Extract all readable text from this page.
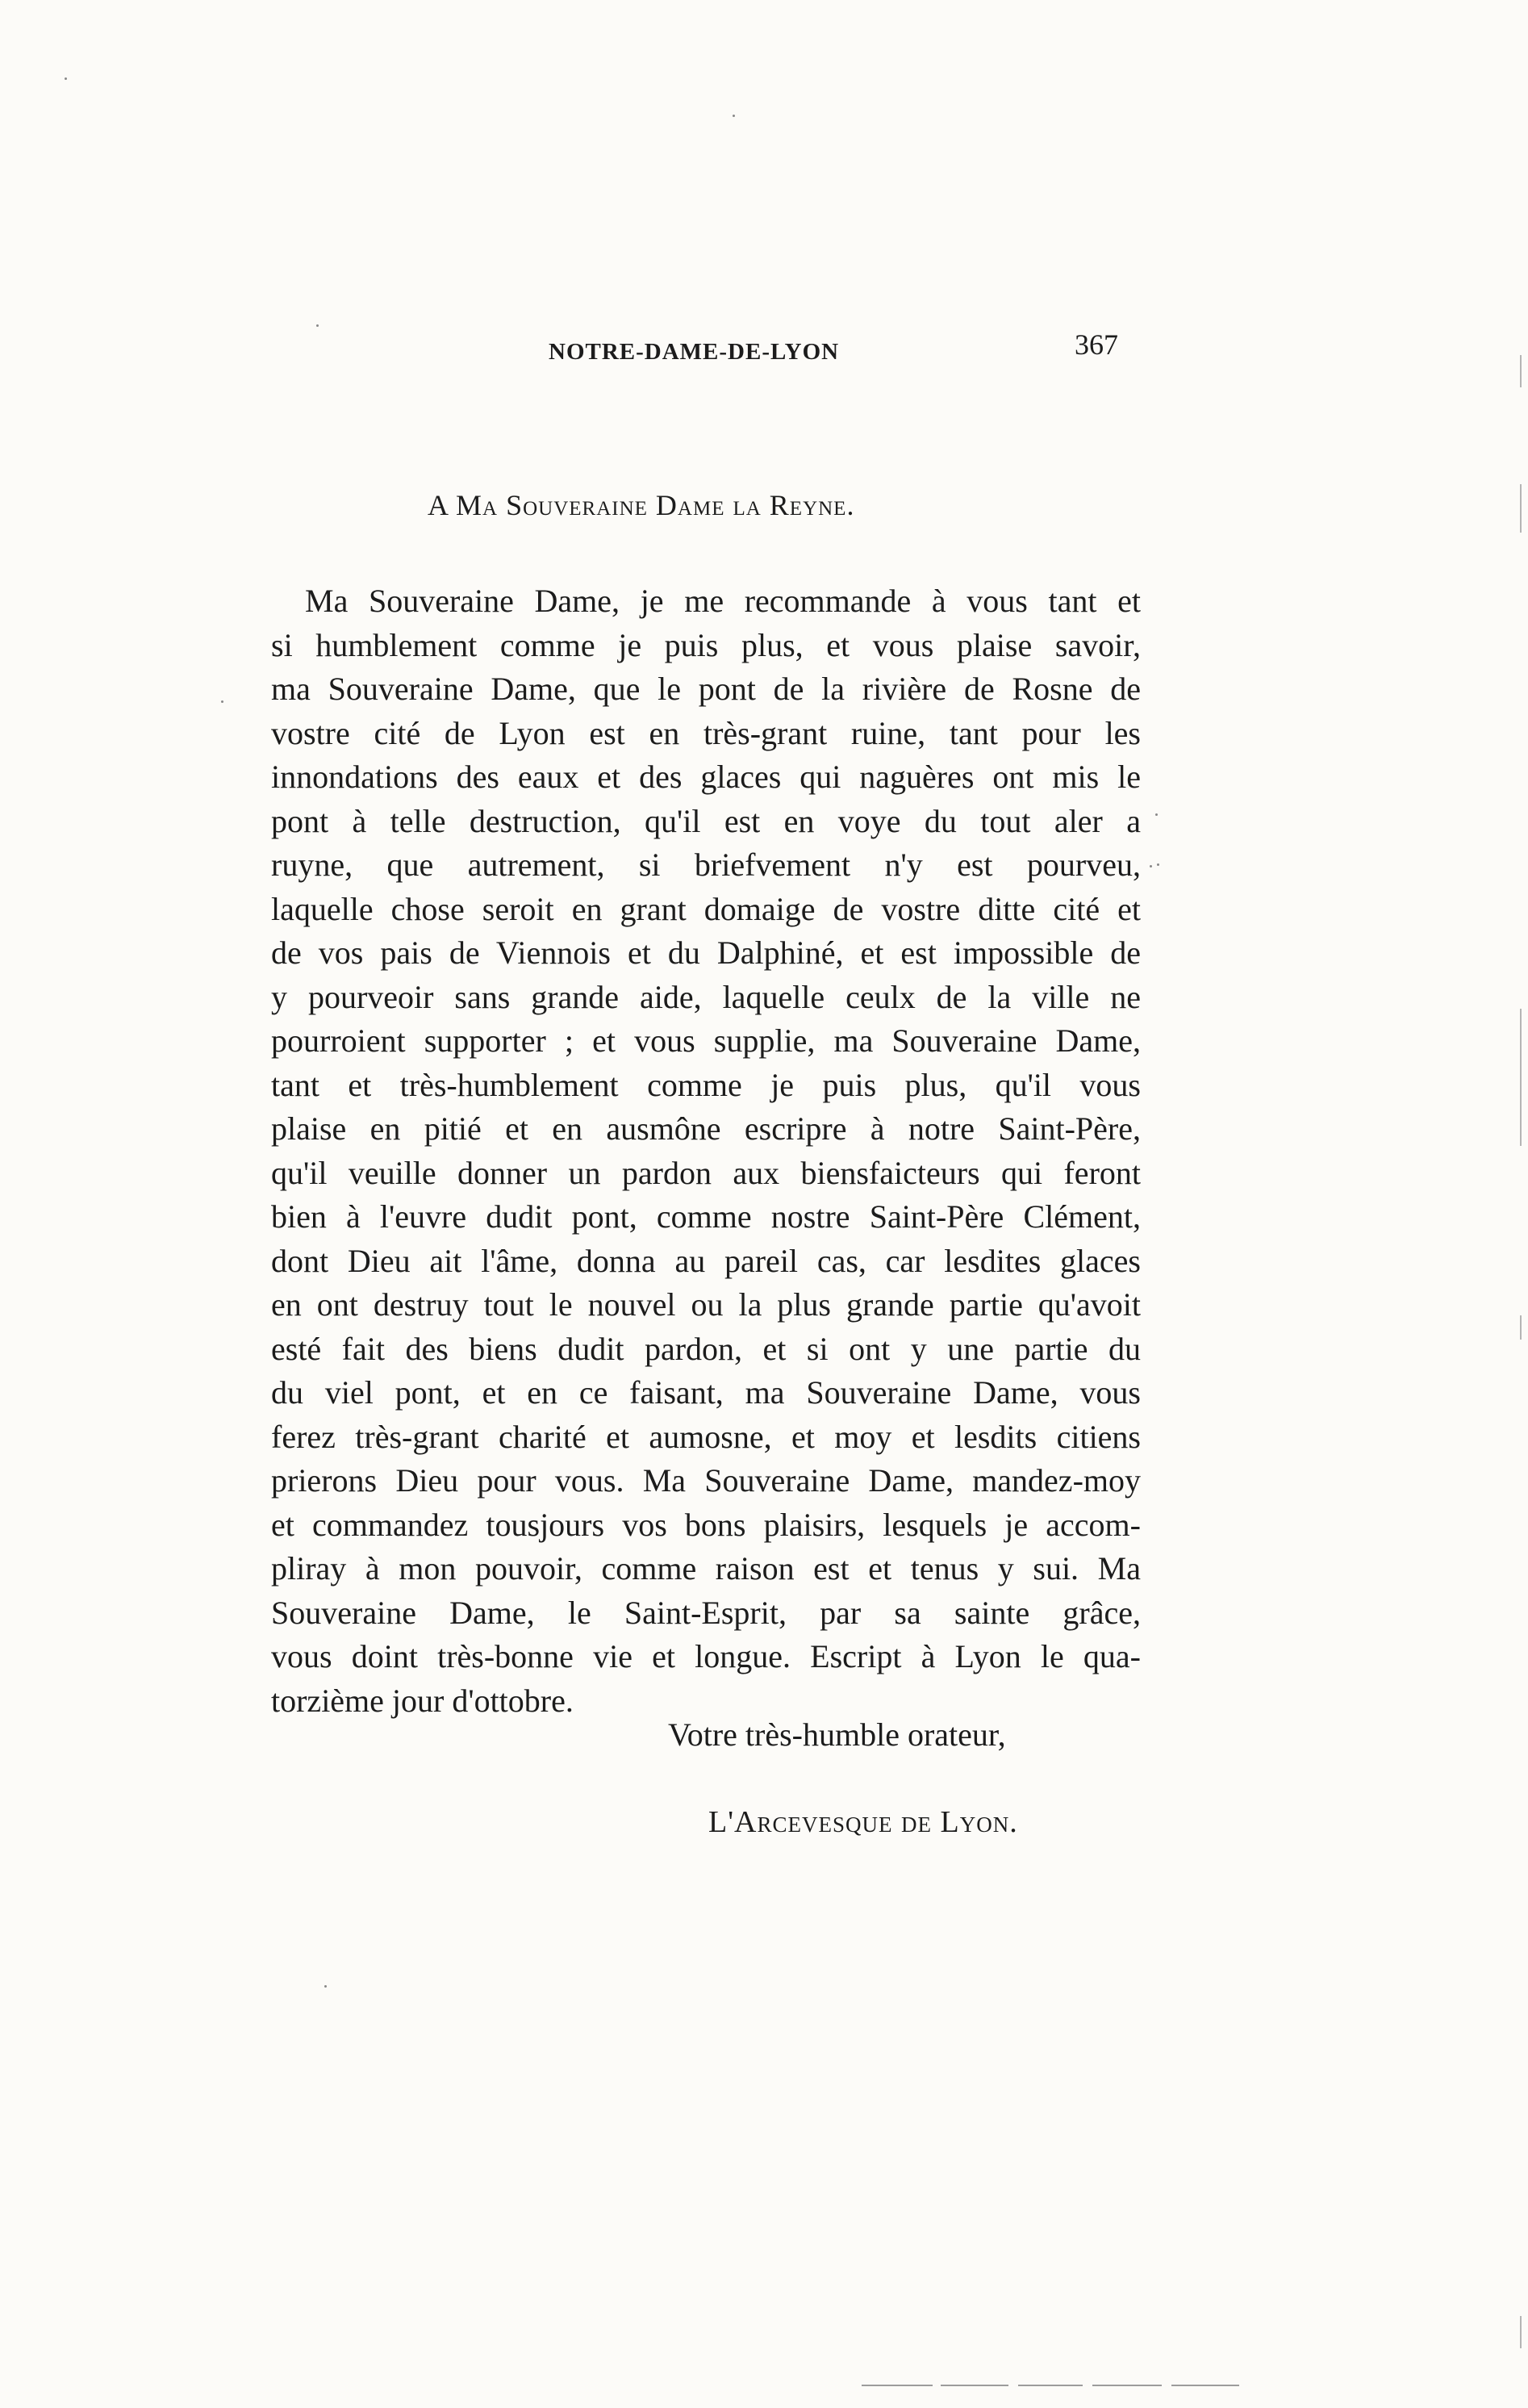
NOTRE-DAME-DE-LYON	367
A Ma Souveraine Dame la Reyne.
Ma Souveraine Dame, je me recommande à vous tant et
si humblement comme je puis plus, et vous plaise savoir,
ma Souveraine Dame, que le pont de la rivière de Rosne de
vostre cité de Lyon est en très-grant ruine, tant pour les
innondations des eaux et des glaces qui naguères ont mis le
pont à telle destruction, qu'il est en voye du tout aler a
ruyne, que autrement, si briefvement n'y est pourveu,
laquelle chose seroit en grant domaige de vostre ditte cité et
de vos pais de Viennois et du Dalphiné, et est impossible de
y pourveoir sans grande aide, laquelle ceulx de la ville ne
pourroient supporter ; et vous supplie, ma Souveraine Dame,
tant et très-humblement comme je puis plus, qu'il vous
plaise en pitié et en ausmône escripre à notre Saint-Père,
qu'il veuille donner un pardon aux biensfaicteurs qui feront
bien à l'euvre dudit pont, comme nostre Saint-Père Clément,
dont Dieu ait l'âme, donna au pareil cas, car lesdites glaces
en ont destruy tout le nouvel ou la plus grande partie qu'avoit
esté fait des biens dudit pardon, et si ont y une partie du
du viel pont, et en ce faisant, ma Souveraine Dame, vous
ferez très-grant charité et aumosne, et moy et lesdits citiens
prierons Dieu pour vous. Ma Souveraine Dame, mandez-moy
et commandez tousjours vos bons plaisirs, lesquels je accom-
pliray à mon pouvoir, comme raison est et tenus y sui. Ma
Souveraine Dame, le Saint-Esprit, par sa sainte grâce,
vous doint très-bonne vie et longue. Escript à Lyon le qua-
torzième jour d'ottobre.
Votre très-humble orateur,
L'Arcevesque de Lyon.
